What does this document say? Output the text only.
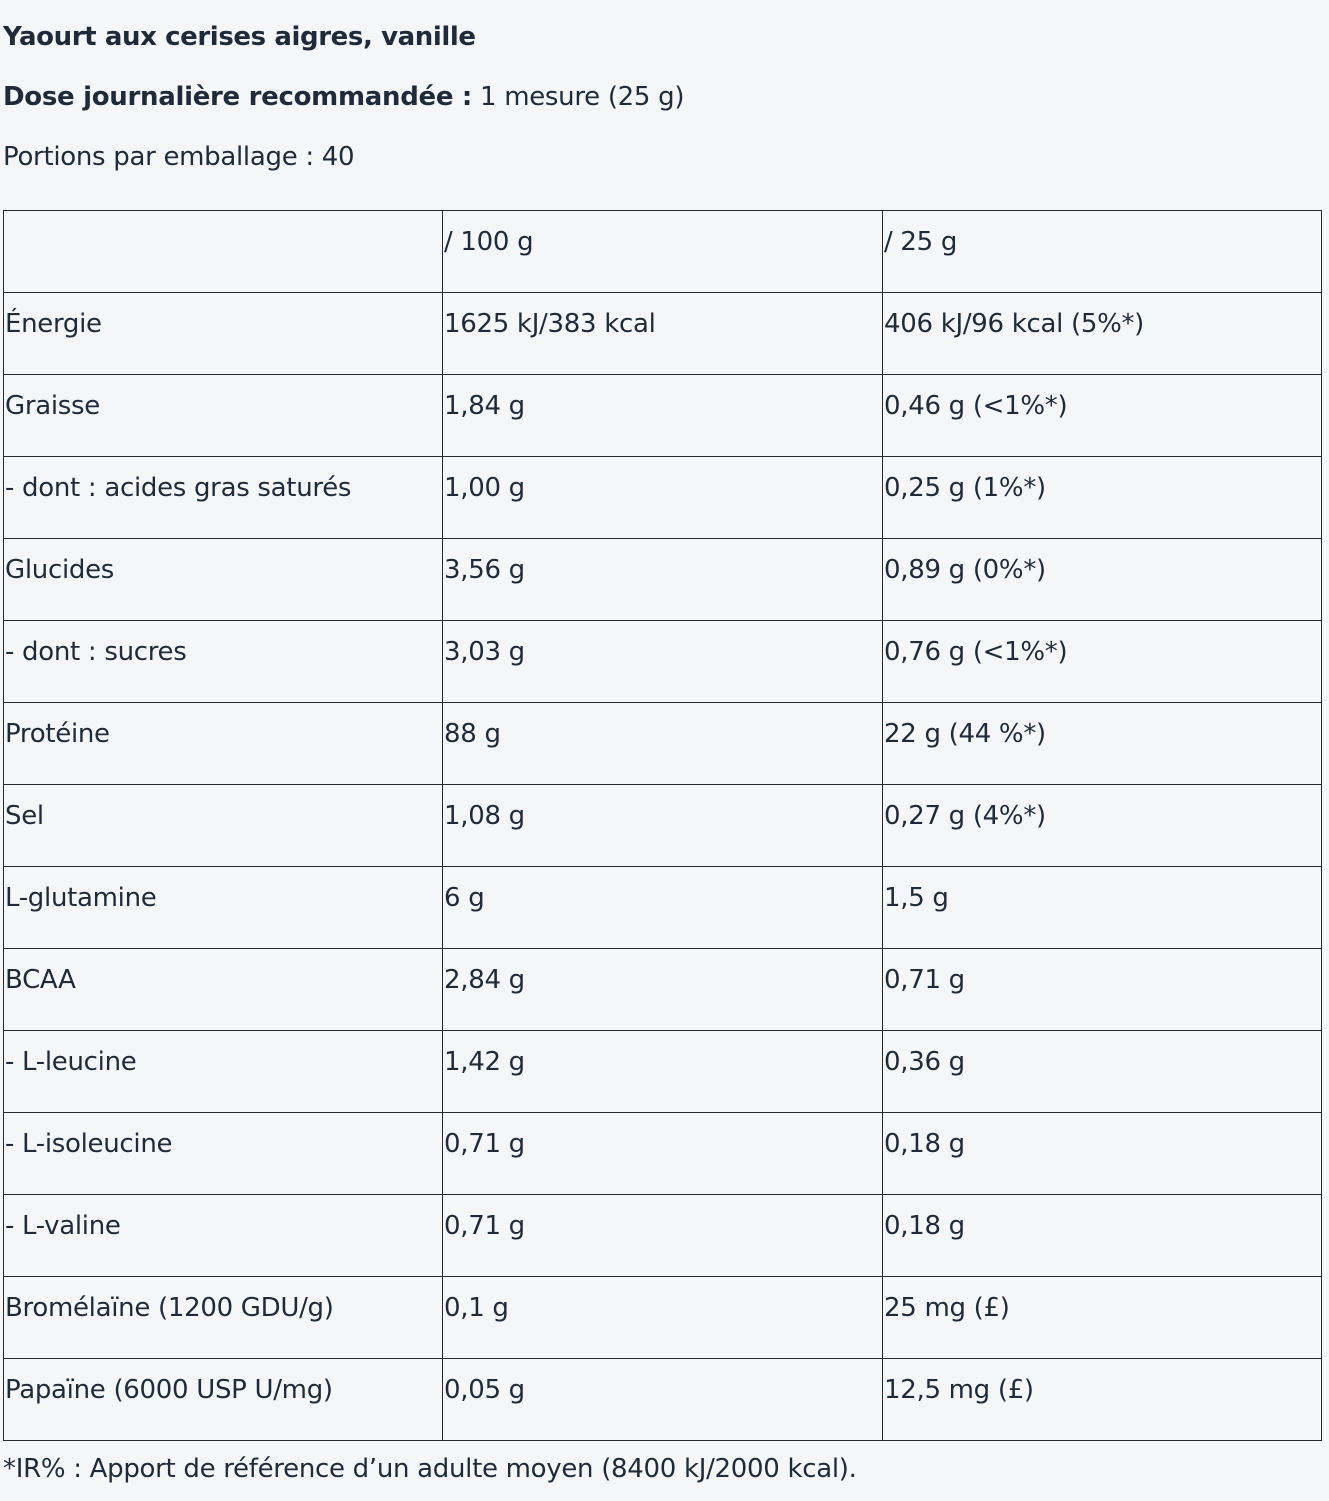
Yaourt aux cerises aigres, vanille
Dose journalière recommandée : 1 mesure (25 g)
Portions par emballage : 40
	/ 100 g	/ 25 g
Énergie	1625 kJ/383 kcal	406 kJ/96 kcal (5%*)
Graisse	1,84 g	0,46 g (<1%*)
- dont : acides gras saturés	1,00 g	0,25 g (1%*)
Glucides	3,56 g	0,89 g (0%*)
- dont : sucres	3,03 g	0,76 g (<1%*)
Protéine	88 g	22 g (44 %*)
Sel	1,08 g	0,27 g (4%*)
L-glutamine	6 g	1,5 g
BCAA	2,84 g	0,71 g
- L-leucine	1,42 g	0,36 g
- L-isoleucine	0,71 g	0,18 g
- L-valine	0,71 g	0,18 g
Bromélaïne (1200 GDU/g)	0,1 g	25 mg (£)
Papaïne (6000 USP U/mg)	0,05 g	12,5 mg (£)
*IR% : Apport de référence d’un adulte moyen (8400 kJ/2000 kcal).
